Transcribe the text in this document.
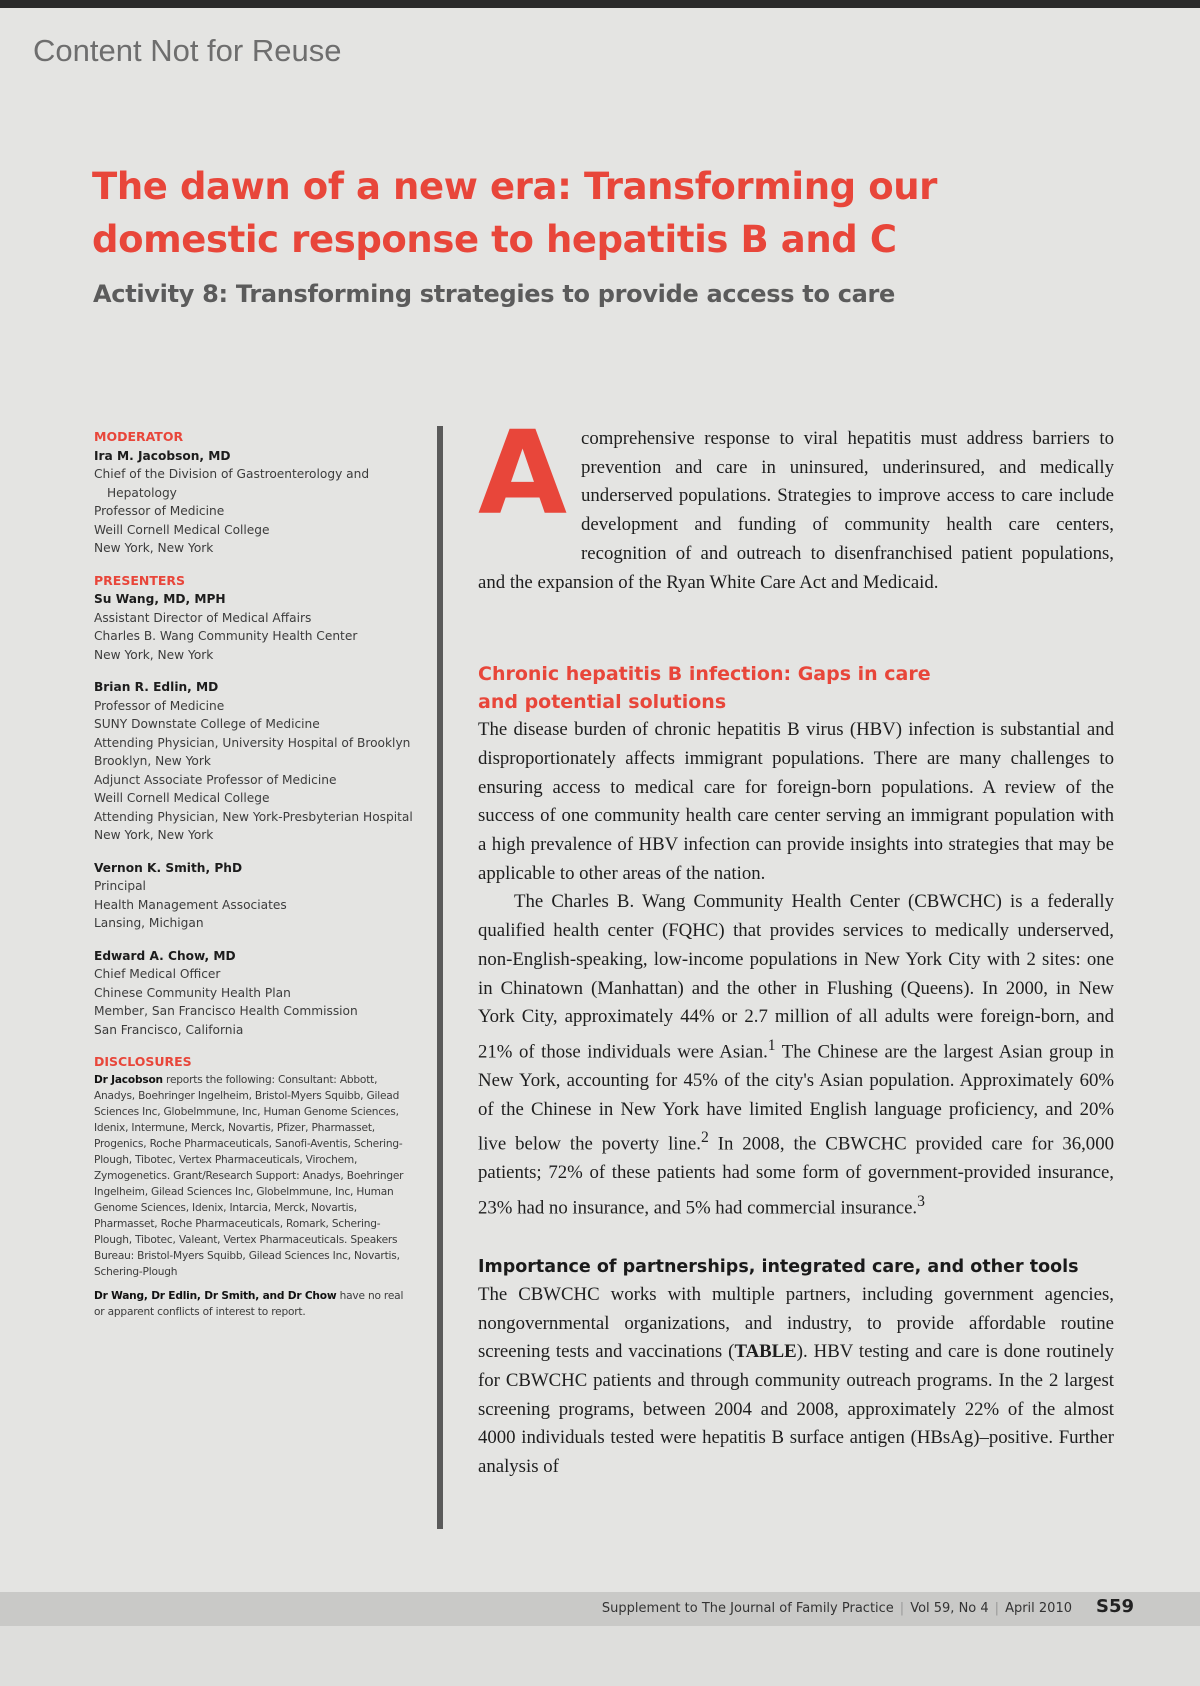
Content Not for Reuse
The dawn of a new era: Transforming our domestic response to hepatitis B and C
Activity 8: Transforming strategies to provide access to care
MODERATOR
Ira M. Jacobson, MD
Chief of the Division of Gastroenterology and Hepatology
Professor of Medicine
Weill Cornell Medical College
New York, New York
PRESENTERS
Su Wang, MD, MPH
Assistant Director of Medical Affairs
Charles B. Wang Community Health Center
New York, New York
Brian R. Edlin, MD
Professor of Medicine
SUNY Downstate College of Medicine
Attending Physician, University Hospital of Brooklyn
Brooklyn, New York
Adjunct Associate Professor of Medicine
Weill Cornell Medical College
Attending Physician, New York-Presbyterian Hospital
New York, New York
Vernon K. Smith, PhD
Principal
Health Management Associates
Lansing, Michigan
Edward A. Chow, MD
Chief Medical Officer
Chinese Community Health Plan
Member, San Francisco Health Commission
San Francisco, California
DISCLOSURES

Dr Jacobson reports the following: Consultant: Abbott, Anadys, Boehringer Ingelheim, Bristol-Myers Squibb, Gilead Sciences Inc, Globelmmune, Inc, Human Genome Sciences, Idenix, Intermune, Merck, Novartis, Pfizer, Pharmasset, Progenics, Roche Pharmaceuticals, Sanofi-Aventis, Schering-Plough, Tibotec, Vertex Pharmaceuticals, Virochem, Zymogenetics. Grant/Research Support: Anadys, Boehringer Ingelheim, Gilead Sciences Inc, Globelmmune, Inc, Human Genome Sciences, Idenix, Intarcia, Merck, Novartis, Pharmasset, Roche Pharmaceuticals, Romark, Schering-Plough, Tibotec, Valeant, Vertex Pharmaceuticals. Speakers Bureau: Bristol-Myers Squibb, Gilead Sciences Inc, Novartis, Schering-Plough

Dr Wang, Dr Edlin, Dr Smith, and Dr Chow have no real or apparent conflicts of interest to report.

Acomprehensive response to viral hepatitis must address barriers to prevention and care in uninsured, underinsured, and medically underserved populations. Strategies to improve access to care include development and funding of community health care centers, recognition of and outreach to disenfranchised patient populations, and the expansion of the Ryan White Care Act and Medicaid.

Chronic hepatitis B infection: Gaps in care and potential solutions

The disease burden of chronic hepatitis B virus (HBV) infection is substantial and disproportionately affects immigrant populations. There are many challenges to ensuring access to medical care for foreign-born populations. A review of the success of one community health care center serving an immigrant population with a high prevalence of HBV infection can provide insights into strategies that may be applicable to other areas of the nation.

The Charles B. Wang Community Health Center (CBWCHC) is a federally qualified health center (FQHC) that provides services to medically underserved, non-English-speaking, low-income populations in New York City with 2 sites: one in Chinatown (Manhattan) and the other in Flushing (Queens). In 2000, in New York City, approximately 44% or 2.7 million of all adults were foreign-born, and 21% of those individuals were Asian.$^1$ The Chinese are the largest Asian group in New York, accounting for 45% of the city's Asian population. Approximately 60% of the Chinese in New York have limited English language proficiency, and 20% live below the poverty line.$^2$ In 2008, the CBWCHC provided care for 36,000 patients; 72% of these patients had some form of government-provided insurance, 23% had no insurance, and 5% had commercial insurance.$^3$

Importance of partnerships, integrated care, and other tools

The CBWCHC works with multiple partners, including government agencies, nongovernmental organizations, and industry, to provide affordable routine screening tests and vaccinations (TABLE). HBV testing and care is done routinely for CBWCHC patients and through community outreach programs. In the 2 largest screening programs, between 2004 and 2008, approximately 22% of the almost 4000 individuals tested were hepatitis B surface antigen (HBsAg)–positive. Further analysis of

Supplement to The Journal of Family Practice | Vol 59, No 4 | April 2010 S59
